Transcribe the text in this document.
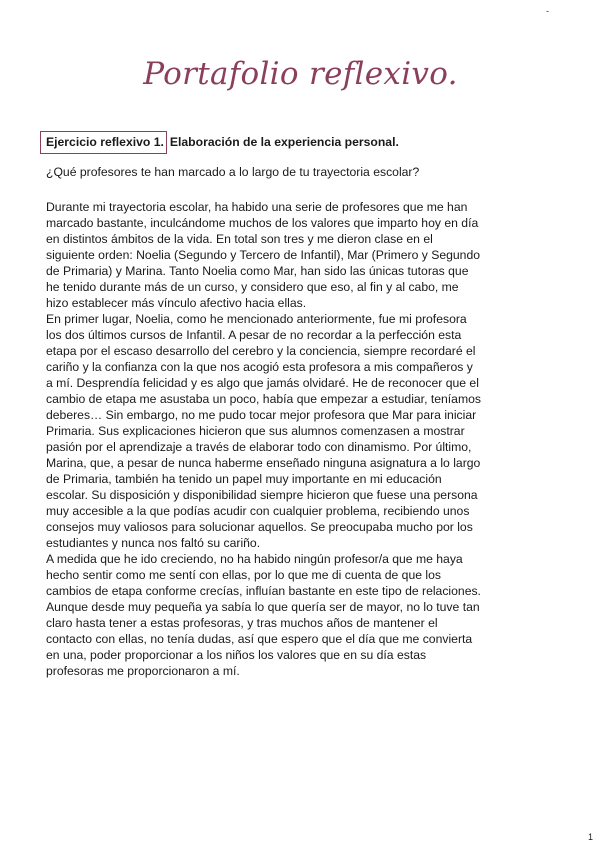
-
Portafolio reflexivo.
Ejercicio reflexivo 1. Elaboración de la experiencia personal.
¿Qué profesores te han marcado a lo largo de tu trayectoria escolar?
Durante mi trayectoria escolar, ha habido una serie de profesores que me han
marcado bastante, inculcándome muchos de los valores que imparto hoy en día
en distintos ámbitos de la vida. En total son tres y me dieron clase en el
siguiente orden: Noelia (Segundo y Tercero de Infantil), Mar (Primero y Segundo
de Primaria) y Marina. Tanto Noelia como Mar, han sido las únicas tutoras que
he tenido durante más de un curso, y considero que eso, al fin y al cabo, me
hizo establecer más vínculo afectivo hacia ellas.
En primer lugar, Noelia, como he mencionado anteriormente, fue mi profesora
los dos últimos cursos de Infantil. A pesar de no recordar a la perfección esta
etapa por el escaso desarrollo del cerebro y la conciencia, siempre recordaré el
cariño y la confianza con la que nos acogió esta profesora a mis compañeros y
a mí. Desprendía felicidad y es algo que jamás olvidaré. He de reconocer que el
cambio de etapa me asustaba un poco, había que empezar a estudiar, teníamos
deberes… Sin embargo, no me pudo tocar mejor profesora que Mar para iniciar
Primaria. Sus explicaciones hicieron que sus alumnos comenzasen a mostrar
pasión por el aprendizaje a través de elaborar todo con dinamismo. Por último,
Marina, que, a pesar de nunca haberme enseñado ninguna asignatura a lo largo
de Primaria, también ha tenido un papel muy importante en mi educación
escolar. Su disposición y disponibilidad siempre hicieron que fuese una persona
muy accesible a la que podías acudir con cualquier problema, recibiendo unos
consejos muy valiosos para solucionar aquellos. Se preocupaba mucho por los
estudiantes y nunca nos faltó su cariño.
A medida que he ido creciendo, no ha habido ningún profesor/a que me haya
hecho sentir como me sentí con ellas, por lo que me di cuenta de que los
cambios de etapa conforme crecías, influían bastante en este tipo de relaciones.
Aunque desde muy pequeña ya sabía lo que quería ser de mayor, no lo tuve tan
claro hasta tener a estas profesoras, y tras muchos años de mantener el
contacto con ellas, no tenía dudas, así que espero que el día que me convierta
en una, poder proporcionar a los niños los valores que en su día estas
profesoras me proporcionaron a mí.
1
